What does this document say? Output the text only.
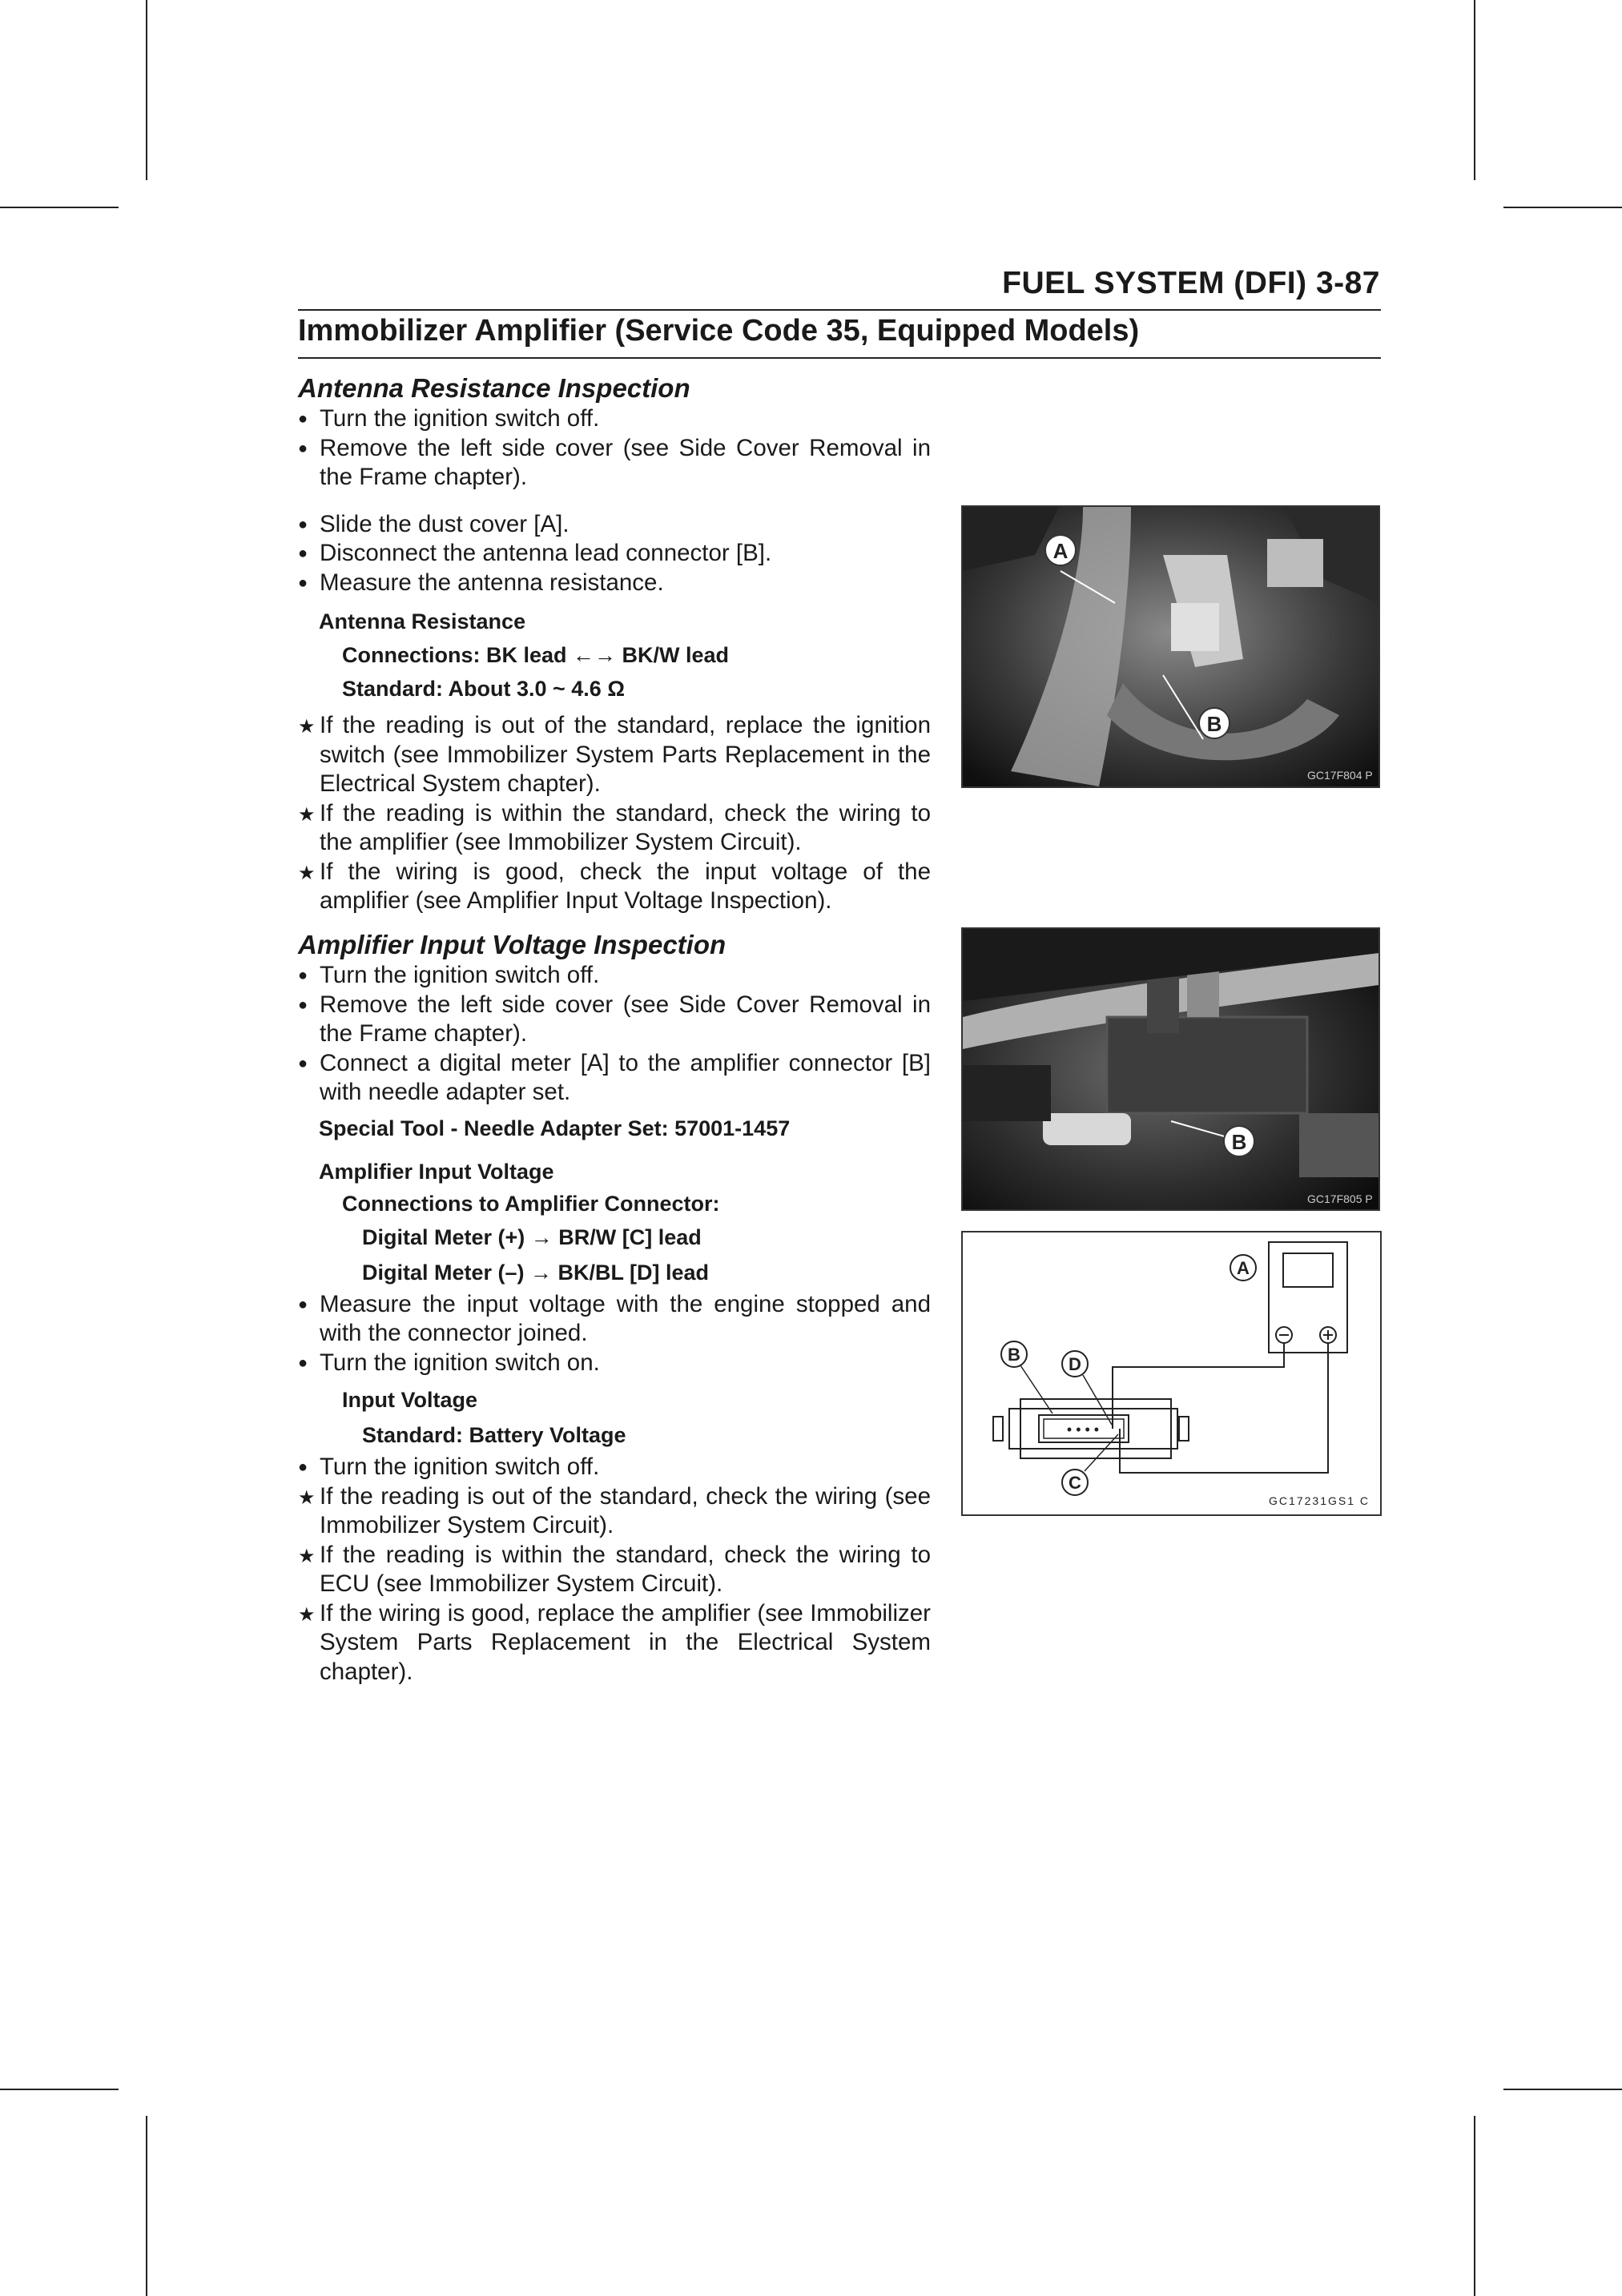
FUEL SYSTEM (DFI) 3-87
Immobilizer Amplifier (Service Code 35, Equipped Models)

Antenna Resistance Inspection

●
Turn the ignition switch off.

●
Remove the left side cover (see Side Cover Removal in the Frame chapter).

●
Slide the dust cover [A].

●
Disconnect the antenna lead connector [B].

●
Measure the antenna resistance.

Antenna Resistance

Connections: BK lead ←→ BK/W lead

Standard: About 3.0 ~ 4.6 Ω

★
If the reading is out of the standard, replace the ignition switch (see Immobilizer System Parts Replacement in the Electrical System chapter).

★
If the reading is within the standard, check the wiring to the amplifier (see Immobilizer System Circuit).

★
If the wiring is good, check the input voltage of the amplifier (see Amplifier Input Voltage Inspection).

Amplifier Input Voltage Inspection

●
Turn the ignition switch off.

●
Remove the left side cover (see Side Cover Removal in the Frame chapter).

●
Connect a digital meter [A] to the amplifier connector [B] with needle adapter set.

Special Tool - Needle Adapter Set: 57001-1457

Amplifier Input Voltage

Connections to Amplifier Connector:

Digital Meter (+) → BR/W [C] lead

Digital Meter (–) → BK/BL [D] lead

●
Measure the input voltage with the engine stopped and with the connector joined.

●
Turn the ignition switch on.

Input Voltage

Standard: Battery Voltage

●
Turn the ignition switch off.

★
If the reading is out of the standard, check the wiring (see Immobilizer System Circuit).

★
If the reading is within the standard, check the wiring to ECU (see Immobilizer System Circuit).

★
If the wiring is good, replace the amplifier (see Immobilizer System Parts Replacement in the Electrical System chapter).

A
B
GC17F804 P
B
GC17F805 P
A
• • • •
B	D
C
GC17231GS1 C
